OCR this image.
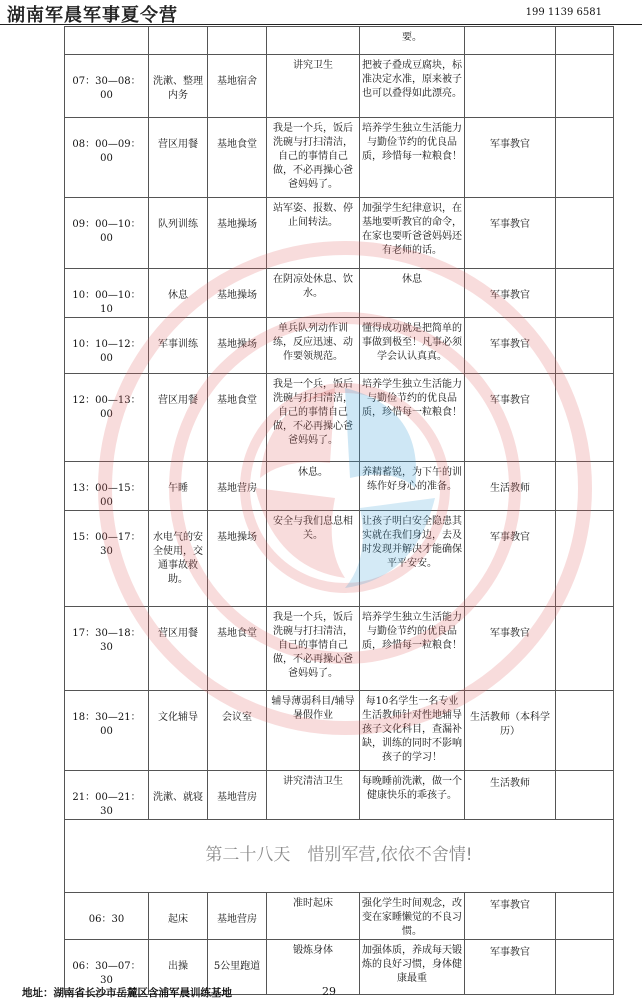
湖南军晨军事夏令营	199 1139 6581
				要。		
07：30—08：00	洗漱、整理内务	基地宿舍	讲究卫生	把被子叠成豆腐块，标准决定水准，原来被子也可以叠得如此漂亮。		
08：00—09：00	营区用餐	基地食堂	我是一个兵，饭后洗碗与打扫清洁，自己的事情自己做，不必再操心爸爸妈妈了。	培养学生独立生活能力与勤俭节约的优良品质，珍惜每一粒粮食！	军事教官	
09：00—10：00	队列训练	基地操场	站军姿、报数、停止间转法。	加强学生纪律意识，在基地要听教官的命令，在家也要听爸爸妈妈还有老师的话。	军事教官	
10：00—10：10	休息	基地操场	在阴凉处休息、饮水。	休息	军事教官	
10：10—12：00	军事训练	基地操场	单兵队列动作训练，反应迅速、动作要领规范。	懂得成功就是把简单的事做到极至！凡事必须学会认认真真。	军事教官	
12：00—13：00	营区用餐	基地食堂	我是一个兵，饭后洗碗与打扫清洁，自己的事情自己做，不必再操心爸爸妈妈了。	培养学生独立生活能力与勤俭节约的优良品质，珍惜每一粒粮食！	军事教官	
13：00—15：00	午睡	基地营房	休息。	养精蓄锐，为下午的训练作好身心的准备。	生活教师	
15：00—17：30	水电气的安全使用，交通事故救助。	基地操场	安全与我们息息相关。	让孩子明白安全隐患其实就在我们身边，去及时发现并解决才能确保平平安安。	军事教官	
17：30—18：30	营区用餐	基地食堂	我是一个兵，饭后洗碗与打扫清洁，自己的事情自己做，不必再操心爸爸妈妈了。	培养学生独立生活能力与勤俭节约的优良品质，珍惜每一粒粮食！	军事教官	
18：30—21：00	文化辅导	会议室	辅导薄弱科目/辅导暑假作业	每10名学生一名专业生活教师针对性地辅导孩子文化科目，查漏补缺，训练的同时不影响孩子的学习！	生活教师（本科学历）	
21：00—21：30	洗漱、就寝	基地营房	讲究清洁卫生	每晚睡前洗漱，做一个健康快乐的乖孩子。	生活教师	
第二十八天　惜别军营,依依不舍情!						
06：30	起床	基地营房	准时起床	强化学生时间观念，改变在家睡懒觉的不良习惯。	军事教官	
06：30—07：30	出操	5公里跑道	锻炼身体	加强体质，养成每天锻炼的良好习惯，身体健康最重	军事教官	
地址：湖南省长沙市岳麓区含浦军晨训练基地	29
